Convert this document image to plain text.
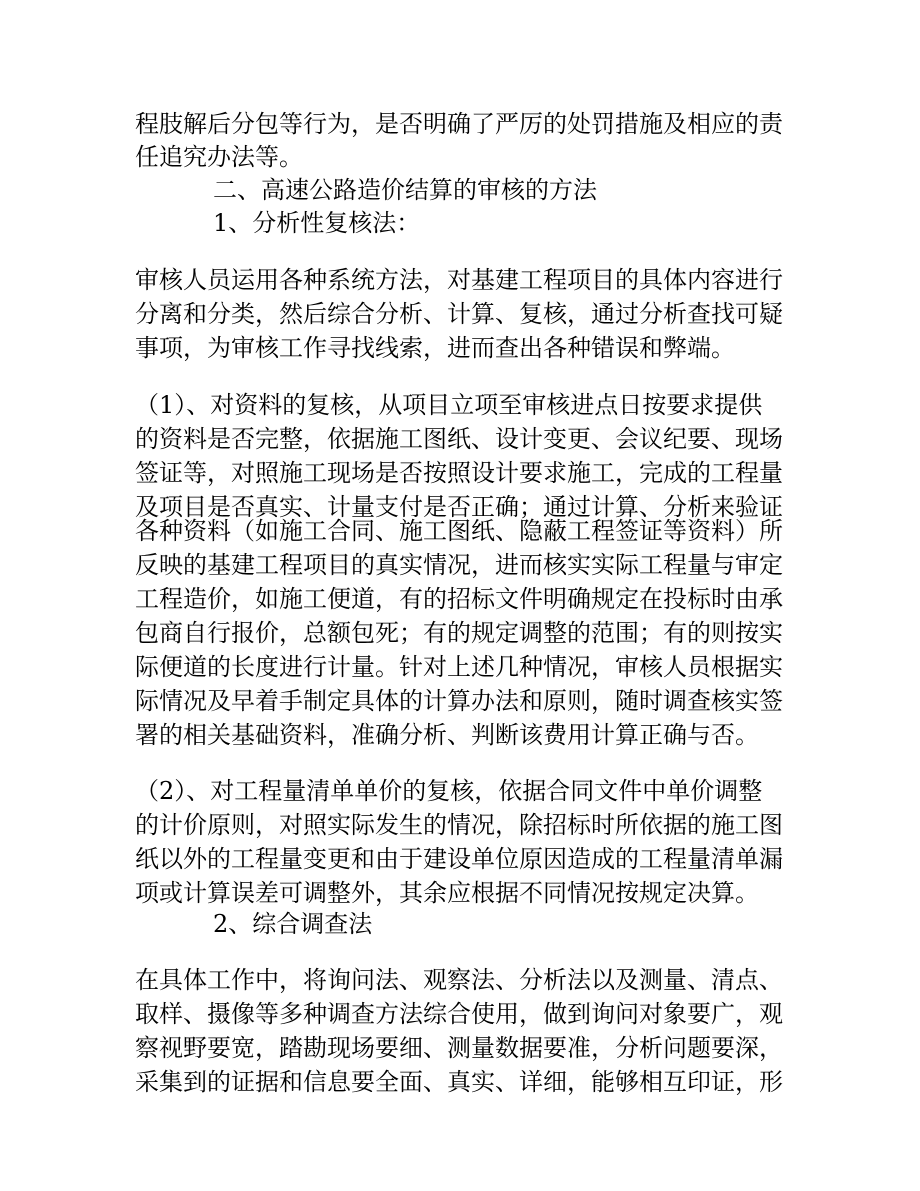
程肢解后分包等行为，是否明确了严厉的处罚措施及相应的责
任追究办法等。
二、高速公路造价结算的审核的方法
1、分析性复核法：
审核人员运用各种系统方法，对基建工程项目的具体内容进行
分离和分类，然后综合分析、计算、复核，通过分析查找可疑
事项，为审核工作寻找线索，进而查出各种错误和弊端。
（1）、对资料的复核，从项目立项至审核进点日按要求提供
的资料是否完整，依据施工图纸、设计变更、会议纪要、现场
签证等，对照施工现场是否按照设计要求施工，完成的工程量
及项目是否真实、计量支付是否正确；通过计算、分析来验证
各种资料（如施工合同、施工图纸、隐蔽工程签证等资料）所
反映的基建工程项目的真实情况，进而核实实际工程量与审定
工程造价，如施工便道，有的招标文件明确规定在投标时由承
包商自行报价，总额包死；有的规定调整的范围；有的则按实
际便道的长度进行计量。针对上述几种情况，审核人员根据实
际情况及早着手制定具体的计算办法和原则，随时调查核实签
署的相关基础资料，准确分析、判断该费用计算正确与否。
（2）、对工程量清单单价的复核，依据合同文件中单价调整
的计价原则，对照实际发生的情况，除招标时所依据的施工图
纸以外的工程量变更和由于建设单位原因造成的工程量清单漏
项或计算误差可调整外，其余应根据不同情况按规定决算。
2、综合调查法
在具体工作中，将询问法、观察法、分析法以及测量、清点、
取样、摄像等多种调查方法综合使用，做到询问对象要广，观
察视野要宽，踏勘现场要细、测量数据要准，分析问题要深，
采集到的证据和信息要全面、真实、详细，能够相互印证，形
